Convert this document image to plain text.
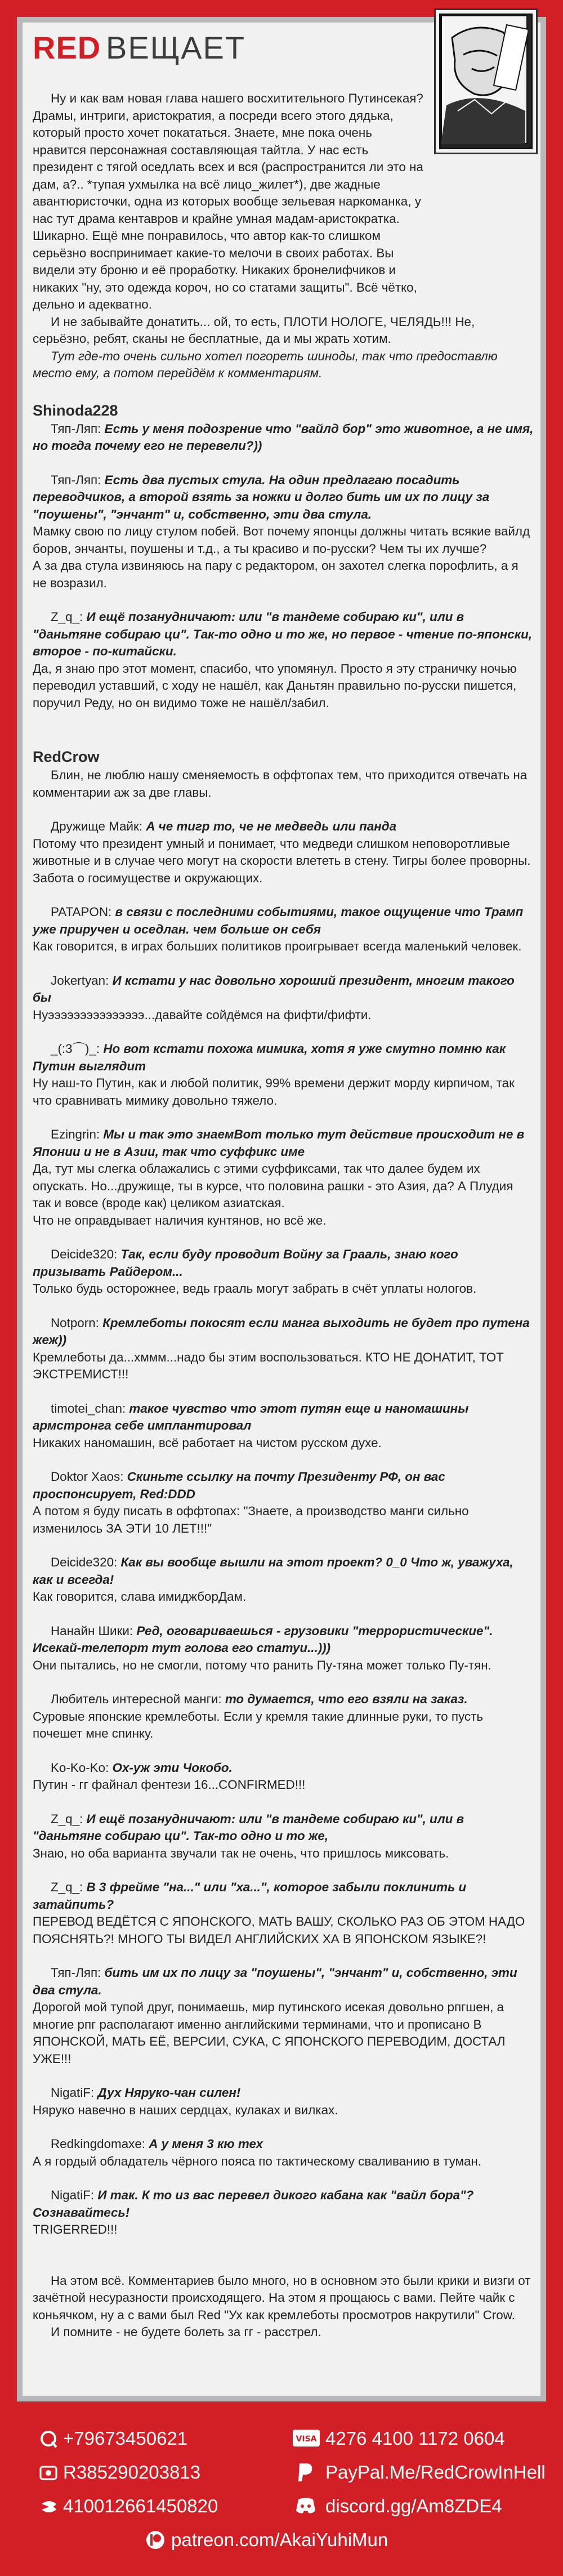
RED ВЕЩАЕТ

Ну и как вам новая глава нашего восхитительного Путинсекая? Драмы, интриги, аристократия, а посреди всего этого дядька, который просто хочет покататься. Знаете, мне пока очень нравится персонажная составляющая тайтла. У нас есть президент с тягой оседлать всех и вся (распространится ли это на дам, а?.. *тупая ухмылка на всё лицо_жилет*), две жадные авантюристочки, одна из которых вообще зельевая наркоманка, у нас тут драма кентавров и крайне умная мадам-аристократка. Шикарно. Ещё мне понравилось, что автор как-то слишком серьёзно воспринимает какие-то мелочи в своих работах. Вы видели эту броню и её проработку. Никаких бронелифчиков и никаких "ну, это одежда короч, но со статами защиты". Всё чётко, дельно и адекватно.

И не забывайте донатить... ой, то есть, ПЛОТИ НОЛОГЕ, ЧЕЛЯДЬ!!! Не, серьёзно, ребят, сканы не бесплатные, да и мы жрать хотим.

Тут где-то очень сильно хотел погореть шиноды, так что предоставлю место ему, а потом перейдём к комментариям.

Shinoda228

Тяп-Ляп: Есть у меня подозрение что "вайлд бор" это животное, а не имя, но тогда почему его не перевели?))

Тяп-Ляп: Есть два пустых стула. На один предлагаю посадить переводчиков, а второй взять за ножки и долго бить им их по лицу за "поушены", "энчант" и, собственно, эти два стула.

Мамку свою по лицу стулом побей. Вот почему японцы должны читать всякие вайлд боров, энчанты, поушены и т.д., а ты красиво и по-русски? Чем ты их лучше?

А за два стула извиняюсь на пару с редактором, он захотел слегка порофлить, а я не возразил.

Z_q_: И ещё позанудничают: или "в тандеме собираю ки", или в "даньтяне собираю ци". Так-то одно и то же, но первое - чтение по-японски, второе - по-китайски.

Да, я знаю про этот момент, спасибо, что упомянул. Просто я эту страничку ночью переводил уставший, с ходу не нашёл, как Даньтян правильно по-русски пишется, поручил Реду, но он видимо тоже не нашёл/забил.

RedCrow

Блин, не люблю нашу сменяемость в оффтопах тем, что приходится отвечать на комментарии аж за две главы.

Дружище Майк: А че тигр то, че не медведь или панда

Потому что президент умный и понимает, что медведи слишком неповоротливые животные и в случае чего могут на скорости влететь в стену. Тигры более проворны. Забота о госимуществе и окружающих.

PATAPON: в связи с последними событиями, такое ощущение что Трамп уже приручен и оседлан. чем больше он себя

Как говорится, в играх больших политиков проигрывает всегда маленький человек.

Jokertyan: И кстати у нас довольно хороший президент, многим такого бы

Нуэээээээээээээээ...давайте сойдёмся на фифти/фифти.

_(:3⌒)_: Но вот кстати похожа мимика, хотя я уже смутно помню как Путин выглядит

Ну наш-то Путин, как и любой политик, 99% времени держит морду кирпичом, так что сравнивать мимику довольно тяжело.

Ezingrin: Мы и так это знаемВот только тут действие происходит не в Японии и не в Азии, так что суффикс име

Да, тут мы слегка облажались с этими суффиксами, так что далее будем их опускать. Но...дружище, ты в курсе, что половина рашки - это Азия, да? А Плудия так и вовсе (вроде как) целиком азиатская.

Что не оправдывает наличия кунтянов, но всё же.

Deicide320: Так, если буду проводит Войну за Грааль, знаю кого призывать Райдером...

Только будь осторожнее, ведь грааль могут забрать в счёт уплаты нологов.

Notporn: Кремлеботы покосят если манга выходить не будет про путена жеж))

Кремлеботы да...хммм...надо бы этим воспользоваться. КТО НЕ ДОНАТИТ, ТОТ ЭКСТРЕМИСТ!!!

timotei_chan: такое чувство что этот путян еще и наномашины армстронга себе имплантировал

Никаких наномашин, всё работает на чистом русском духе.

Doktor Xaos: Скиньте ссылку на почту Президенту РФ, он вас проспонсирует, Red:DDD

А потом я буду писать в оффтопах: "Знаете, а производство манги сильно изменилось ЗА ЭТИ 10 ЛЕТ!!!"

Deicide320: Как вы вообще вышли на этот проект? 0_0 Что ж, уважуха, как и всегда!

Как говорится, слава имиджборДам.

Нанайн Шики: Ред, оговариваешься - грузовики "террористические". Исекай-телепорт тут голова его статуи...)))

Они пытались, но не смогли, потому что ранить Пу-тяна может только Пу-тян.

Любитель интересной манги: то думается, что его взяли на заказ.

Суровые японские кремлеботы. Если у кремля такие длинные руки, то пусть почешет мне спинку.

Ko-Ko-Ko: Ох-уж эти Чокобо.

Путин - гг файнал фентези 16...CONFIRMED!!!

Z_q_: И ещё позанудничают: или "в тандеме собираю ки", или в "даньтяне собираю ци". Так-то одно и то же,

Знаю, но оба варианта звучали так не очень, что пришлось миксовать.

Z_q_: В 3 фрейме "на..." или "ха...", которое забыли поклинить и затайпить?

ПЕРЕВОД ВЕДЁТСЯ С ЯПОНСКОГО, МАТЬ ВАШУ, СКОЛЬКО РАЗ ОБ ЭТОМ НАДО ПОЯСНЯТЬ?! МНОГО ТЫ ВИДЕЛ АНГЛИЙСКИХ ХА В ЯПОНСКОМ ЯЗЫКЕ?!

Тяп-Ляп: бить им их по лицу за "поушены", "энчант" и, собственно, эти два стула.

Дорогой мой тупой друг, понимаешь, мир путинского исекая довольно рпгшен, а многие рпг располагают именно английскими терминами, что и прописано В ЯПОНСКОЙ, МАТЬ ЕЁ, ВЕРСИИ, СУКА, С ЯПОНСКОГО ПЕРЕВОДИМ, ДОСТАЛ УЖЕ!!!

NigatiF: Дух Няруко-чан силен!

Няруко навечно в наших сердцах, кулаках и вилках.

Redkingdomaxe: А у меня 3 кю тех

А я гордый обладатель чёрного пояса по тактическому сваливанию в туман.

NigatiF: И так. К то из вас перевел дикого кабана как "вайл бора"? Сознавайтесь!

TRIGERRED!!!

На этом всё. Комментариев было много, но в основном это были крики и визги от зачётной несуразности происходящего. На этом я прощаюсь с вами. Пейте чайк с коньячком, ну а с вами был Red "Ух как кремлеботы просмотров накрутили" Crow.

И помните - не будете болеть за гг - расстрел.

+79673450621
R385290203813
410012661450820
VISA 4276 4100 1172 0604
PayPal.Me/RedCrowInHell
discord.gg/Am8ZDE4
patreon.com/AkaiYuhiMun
